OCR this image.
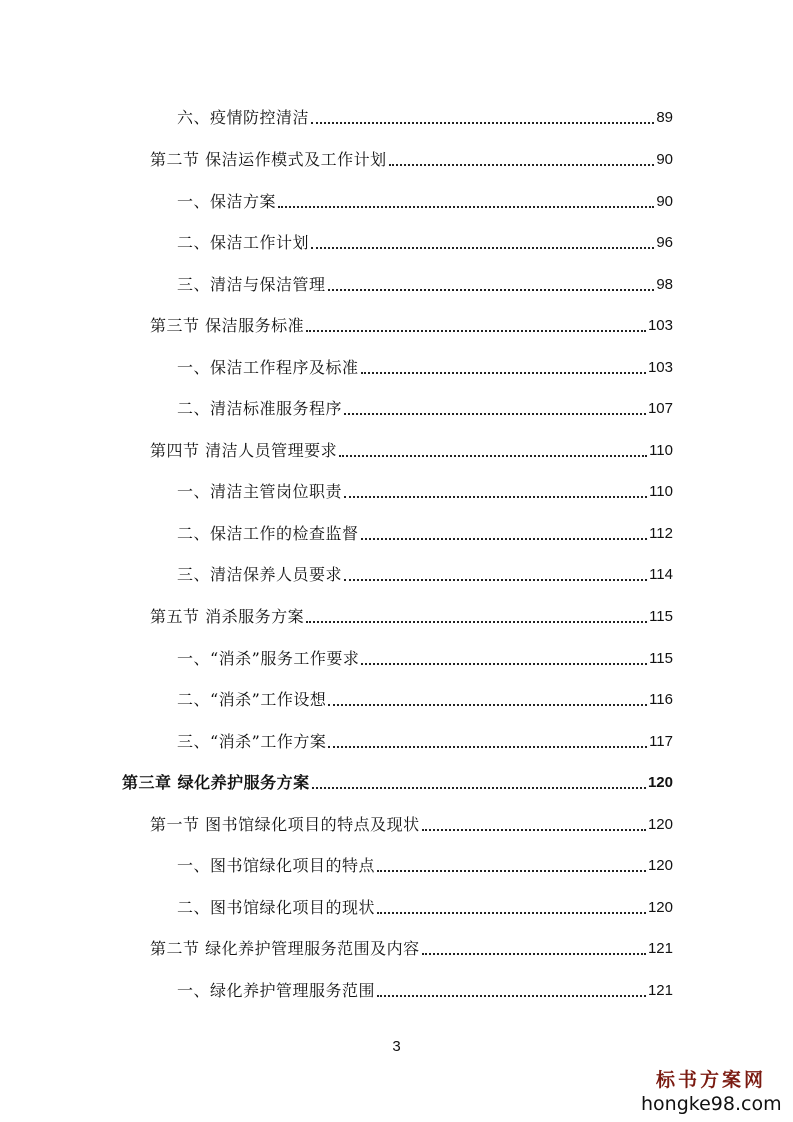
六、疫情防控清洁	89
第二节 保洁运作模式及工作计划	90
一、保洁方案	90
二、保洁工作计划	96
三、清洁与保洁管理	98
第三节 保洁服务标准	103
一、保洁工作程序及标准	103
二、清洁标准服务程序	107
第四节 清洁人员管理要求	110
一、清洁主管岗位职责	110
二、保洁工作的检查监督	112
三、清洁保养人员要求	114
第五节 消杀服务方案	115
一、“消杀”服务工作要求	115
二、“消杀”工作设想	116
三、“消杀”工作方案	117
第三章 绿化养护服务方案	120
第一节 图书馆绿化项目的特点及现状	120
一、图书馆绿化项目的特点	120
二、图书馆绿化项目的现状	120
第二节 绿化养护管理服务范围及内容	121
一、绿化养护管理服务范围	121
3
标书方案网
hongke98.com
